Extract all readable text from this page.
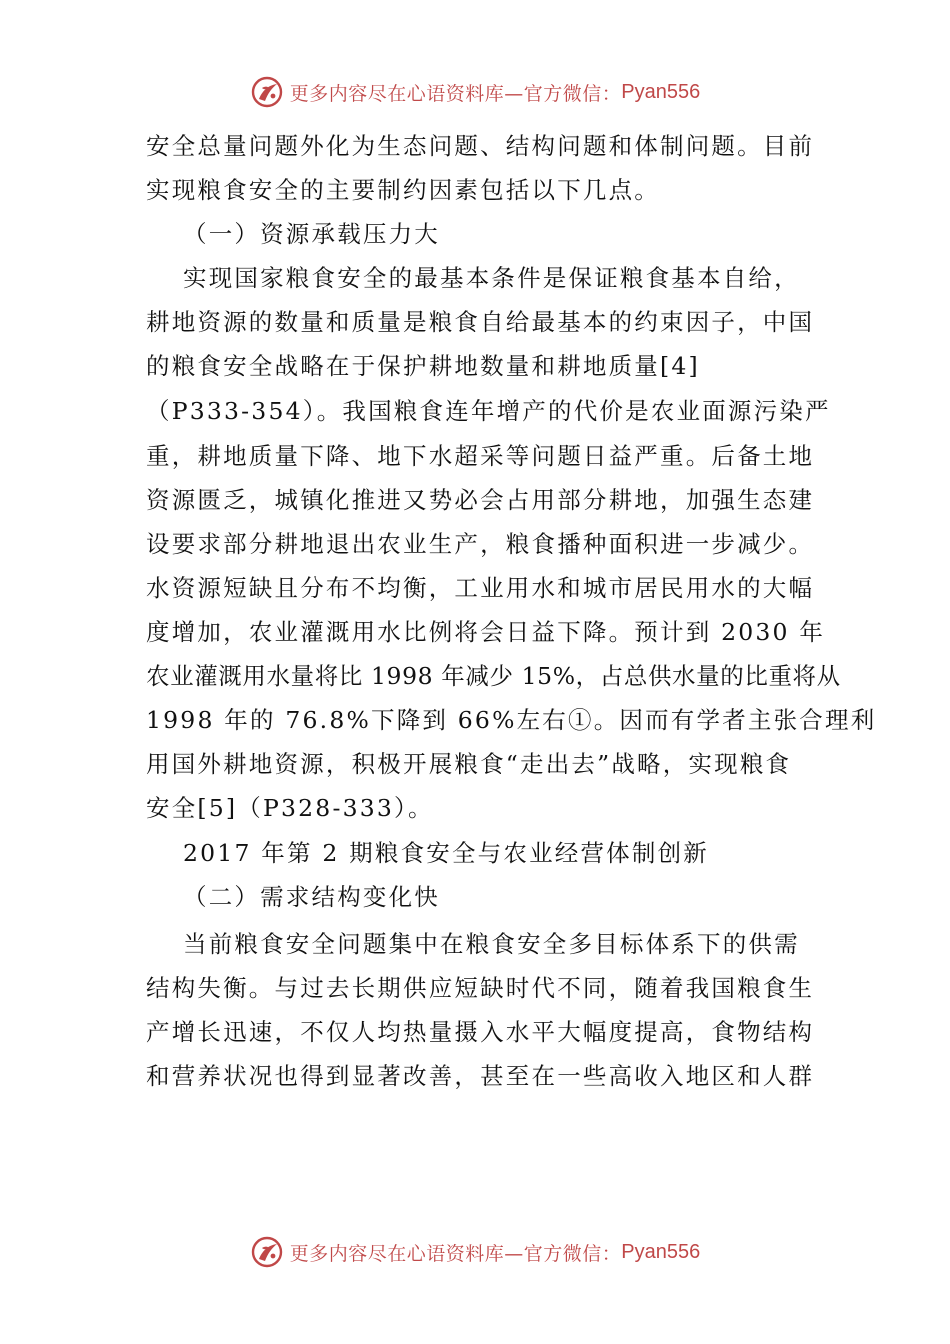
更多内容尽在心语资料库—官方微信： Pyan556
安全总量问题外化为生态问题、结构问题和体制问题。目前
实现粮食安全的主要制约因素包括以下几点。
（一）资源承载压力大
实现国家粮食安全的最基本条件是保证粮食基本自给，
耕地资源的数量和质量是粮食自给最基本的约束因子，中国
的粮食安全战略在于保护耕地数量和耕地质量[4]
（P333-354）。我国粮食连年增产的代价是农业面源污染严
重，耕地质量下降、地下水超采等问题日益严重。后备土地
资源匮乏，城镇化推进又势必会占用部分耕地，加强生态建
设要求部分耕地退出农业生产，粮食播种面积进一步减少。
水资源短缺且分布不均衡，工业用水和城市居民用水的大幅
度增加，农业灌溉用水比例将会日益下降。预计到 2030 年
农业灌溉用水量将比 1998 年减少 15%，占总供水量的比重将从
1998 年的 76.8%下降到 66%左右①。因而有学者主张合理利
用国外耕地资源，积极开展粮食“走出去”战略，实现粮食
安全[5]（P328-333）。
2017 年第 2 期粮食安全与农业经营体制创新
（二）需求结构变化快
当前粮食安全问题集中在粮食安全多目标体系下的供需
结构失衡。与过去长期供应短缺时代不同，随着我国粮食生
产增长迅速，不仅人均热量摄入水平大幅度提高，食物结构
和营养状况也得到显著改善，甚至在一些高收入地区和人群
更多内容尽在心语资料库—官方微信： Pyan556
